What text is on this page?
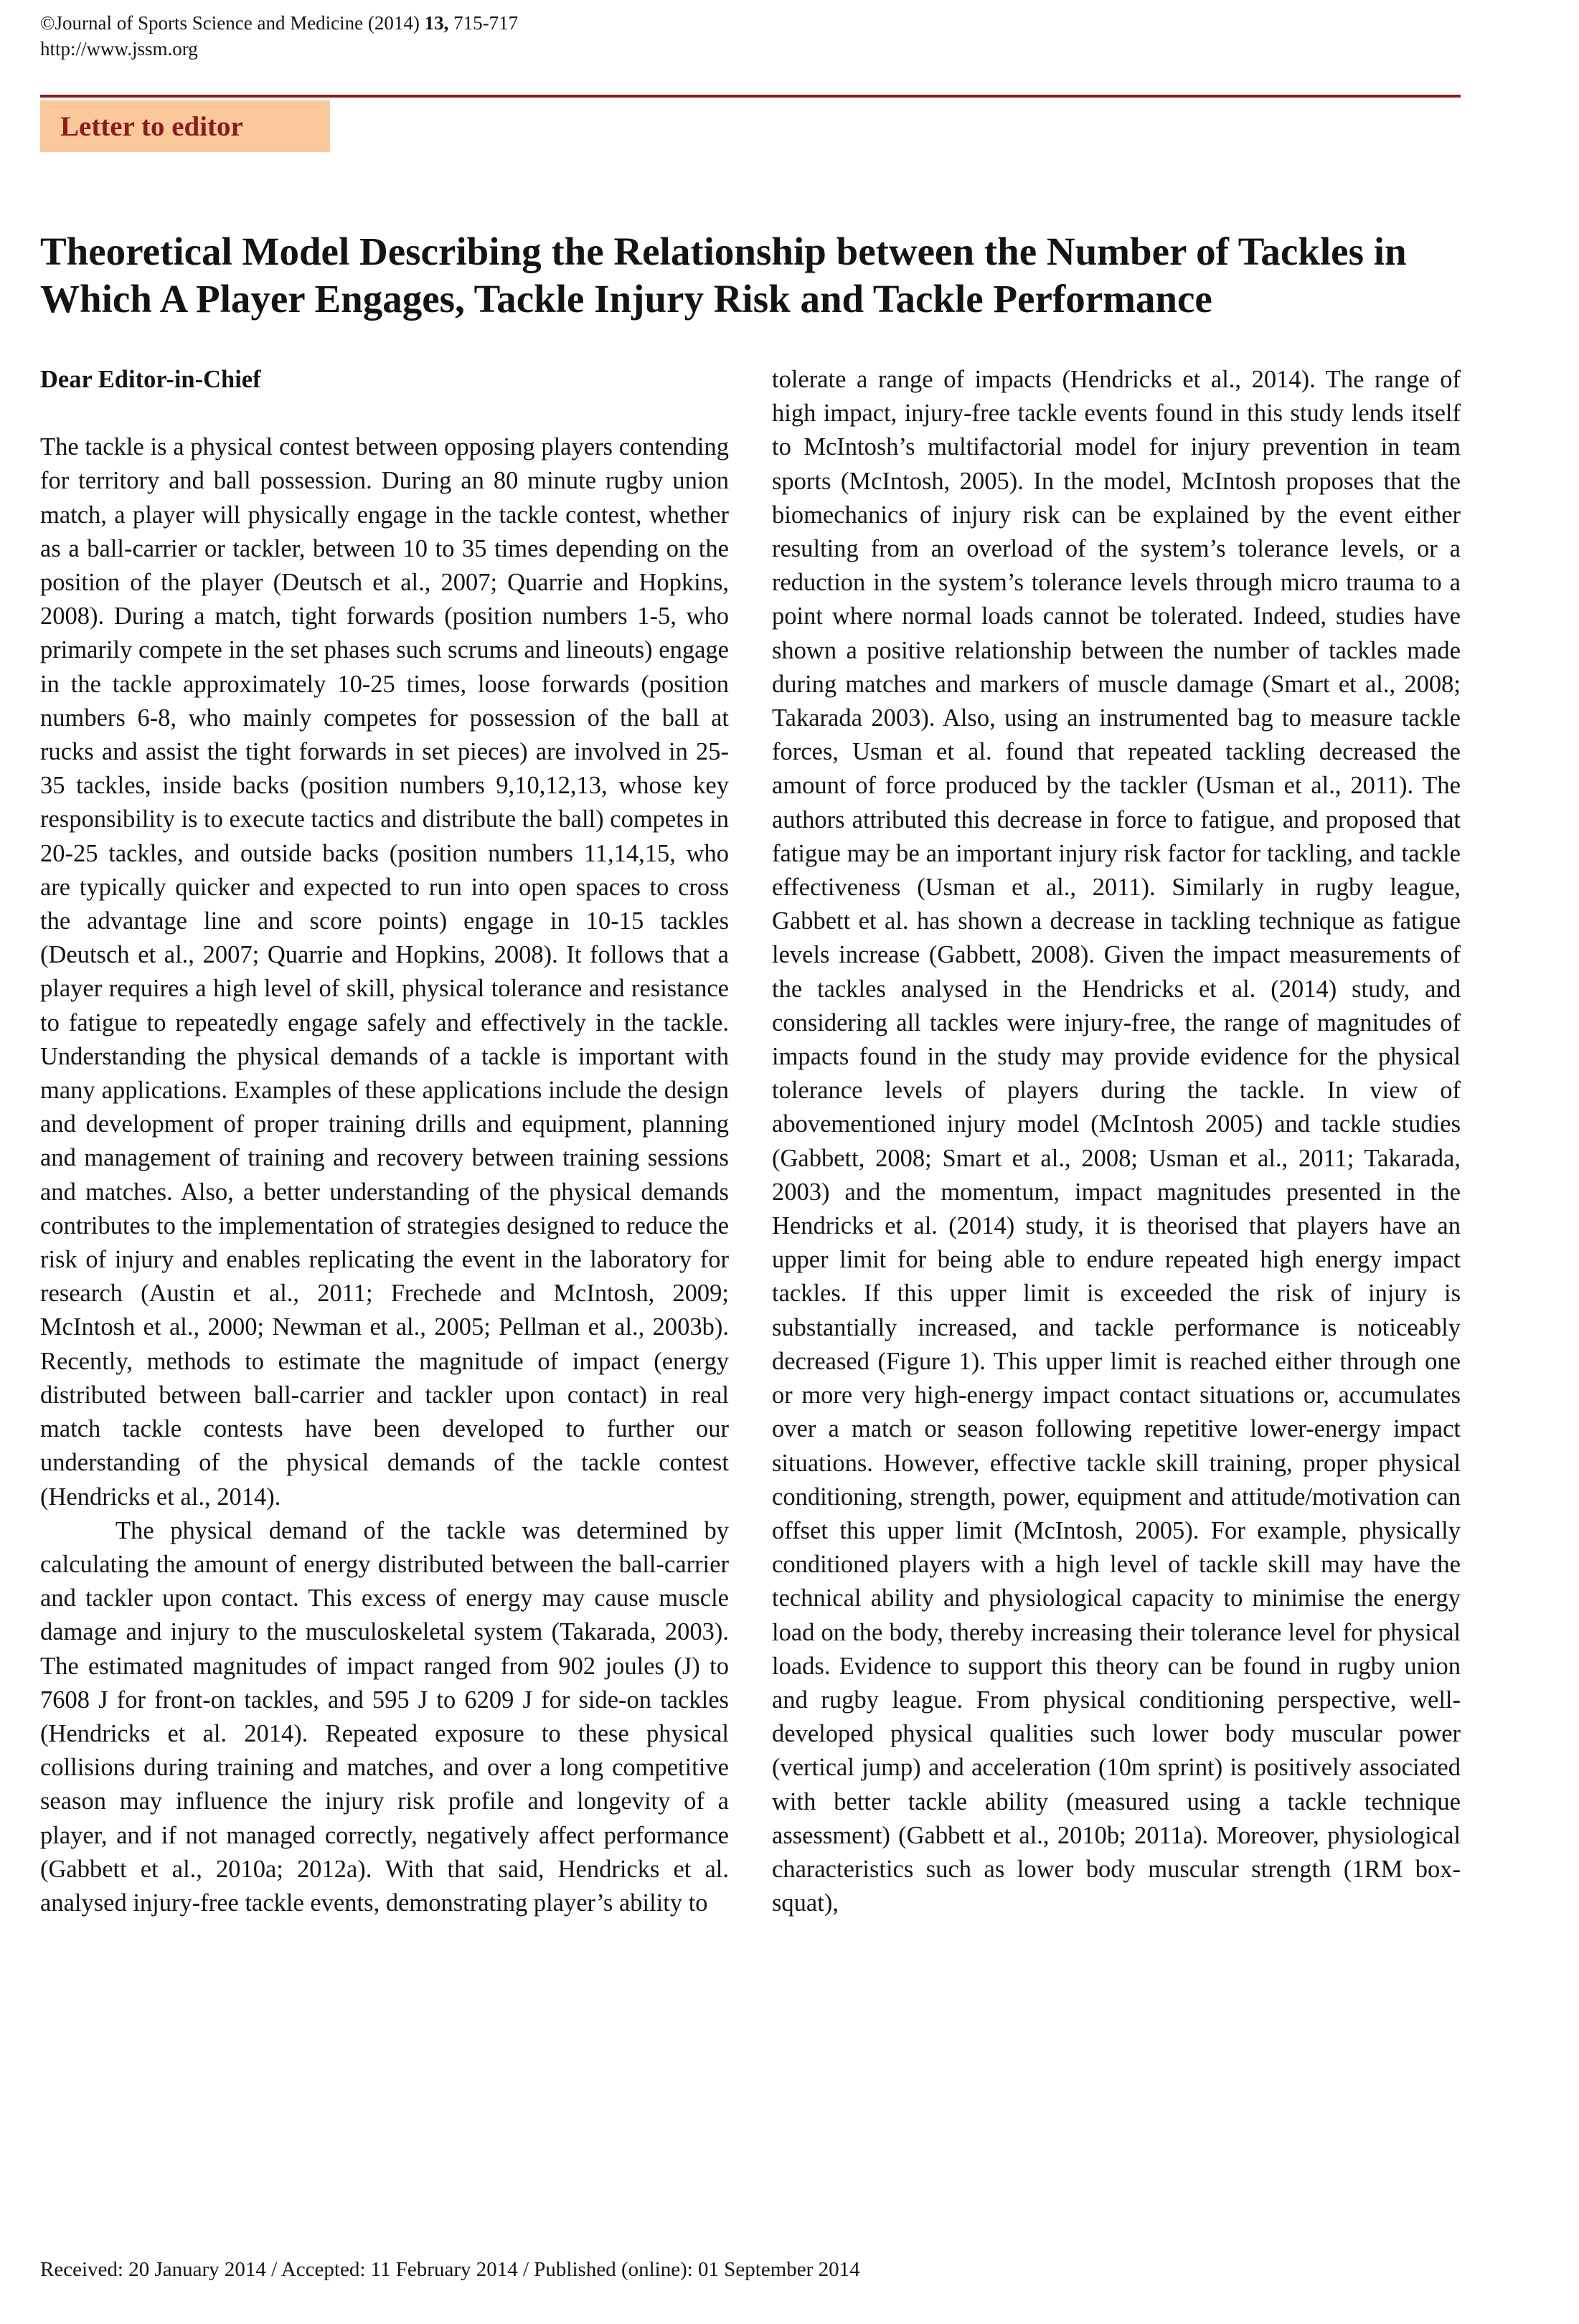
©Journal of Sports Science and Medicine (2014) 13, 715-717
http://www.jssm.org
Letter to editor
Theoretical Model Describing the Relationship between the Number of Tackles in Which A Player Engages, Tackle Injury Risk and Tackle Performance

Dear Editor-in-Chief

The tackle is a physical contest between opposing players contending for territory and ball possession. During an 80 minute rugby union match, a player will physically engage in the tackle contest, whether as a ball-carrier or tackler, between 10 to 35 times depending on the position of the player (Deutsch et al., 2007; Quarrie and Hopkins, 2008). During a match, tight forwards (position numbers 1-5, who primarily compete in the set phases such scrums and lineouts) engage in the tackle approximately 10-25 times, loose forwards (position numbers 6-8, who mainly competes for possession of the ball at rucks and assist the tight forwards in set pieces) are involved in 25-35 tackles, inside backs (position numbers 9,10,12,13, whose key responsibility is to execute tactics and distribute the ball) competes in 20-25 tackles, and outside backs (position numbers 11,14,15, who are typically quicker and expected to run into open spaces to cross the advantage line and score points) engage in 10-15 tackles (Deutsch et al., 2007; Quarrie and Hopkins, 2008). It follows that a player requires a high level of skill, physical tolerance and resistance to fatigue to repeatedly engage safely and effectively in the tackle. Understanding the physical demands of a tackle is important with many applications. Examples of these applications include the design and development of proper training drills and equipment, planning and management of training and recovery between training sessions and matches. Also, a better understanding of the physical demands contributes to the implementation of strategies designed to reduce the risk of injury and enables replicating the event in the laboratory for research (Austin et al., 2011; Frechede and McIntosh, 2009; McIntosh et al., 2000; Newman et al., 2005; Pellman et al., 2003b). Recently, methods to estimate the magnitude of impact (energy distributed between ball-carrier and tackler upon contact) in real match tackle contests have been developed to further our understanding of the physical demands of the tackle contest (Hendricks et al., 2014).

The physical demand of the tackle was determined by calculating the amount of energy distributed between the ball-carrier and tackler upon contact. This excess of energy may cause muscle damage and injury to the musculoskeletal system (Takarada, 2003). The estimated magnitudes of impact ranged from 902 joules (J) to 7608 J for front-on tackles, and 595 J to 6209 J for side-on tackles (Hendricks et al. 2014). Repeated exposure to these physical collisions during training and matches, and over a long competitive season may influence the injury risk profile and longevity of a player, and if not managed correctly, negatively affect performance (Gabbett et al., 2010a; 2012a). With that said, Hendricks et al. analysed injury-free tackle events, demonstrating player’s ability to

tolerate a range of impacts (Hendricks et al., 2014). The range of high impact, injury-free tackle events found in this study lends itself to McIntosh’s multifactorial model for injury prevention in team sports (McIntosh, 2005). In the model, McIntosh proposes that the biomechanics of injury risk can be explained by the event either resulting from an overload of the system’s tolerance levels, or a reduction in the system’s tolerance levels through micro trauma to a point where normal loads cannot be tolerated. Indeed, studies have shown a positive relationship between the number of tackles made during matches and markers of muscle damage (Smart et al., 2008; Takarada 2003). Also, using an instrumented bag to measure tackle forces, Usman et al. found that repeated tackling decreased the amount of force produced by the tackler (Usman et al., 2011). The authors attributed this decrease in force to fatigue, and proposed that fatigue may be an important injury risk factor for tackling, and tackle effectiveness (Usman et al., 2011). Similarly in rugby league, Gabbett et al. has shown a decrease in tackling technique as fatigue levels increase (Gabbett, 2008). Given the impact measurements of the tackles analysed in the Hendricks et al. (2014) study, and considering all tackles were injury-free, the range of magnitudes of impacts found in the study may provide evidence for the physical tolerance levels of players during the tackle. In view of abovementioned injury model (McIntosh 2005) and tackle studies (Gabbett, 2008; Smart et al., 2008; Usman et al., 2011; Takarada, 2003) and the momentum, impact magnitudes presented in the Hendricks et al. (2014) study, it is theorised that players have an upper limit for being able to endure repeated high energy impact tackles. If this upper limit is exceeded the risk of injury is substantially increased, and tackle performance is noticeably decreased (Figure 1). This upper limit is reached either through one or more very high-energy impact contact situations or, accumulates over a match or season following repetitive lower-energy impact situations. However, effective tackle skill training, proper physical conditioning, strength, power, equipment and attitude/motivation can offset this upper limit (McIntosh, 2005). For example, physically conditioned players with a high level of tackle skill may have the technical ability and physiological capacity to minimise the energy load on the body, thereby increasing their tolerance level for physical loads. Evidence to support this theory can be found in rugby union and rugby league. From physical conditioning perspective, well-developed physical qualities such lower body muscular power (vertical jump) and acceleration (10m sprint) is positively associated with better tackle ability (measured using a tackle technique assessment) (Gabbett et al., 2010b; 2011a). Moreover, physiological characteristics such as lower body muscular strength (1RM box-squat),

Received: 20 January 2014 / Accepted: 11 February 2014 / Published (online): 01 September 2014
